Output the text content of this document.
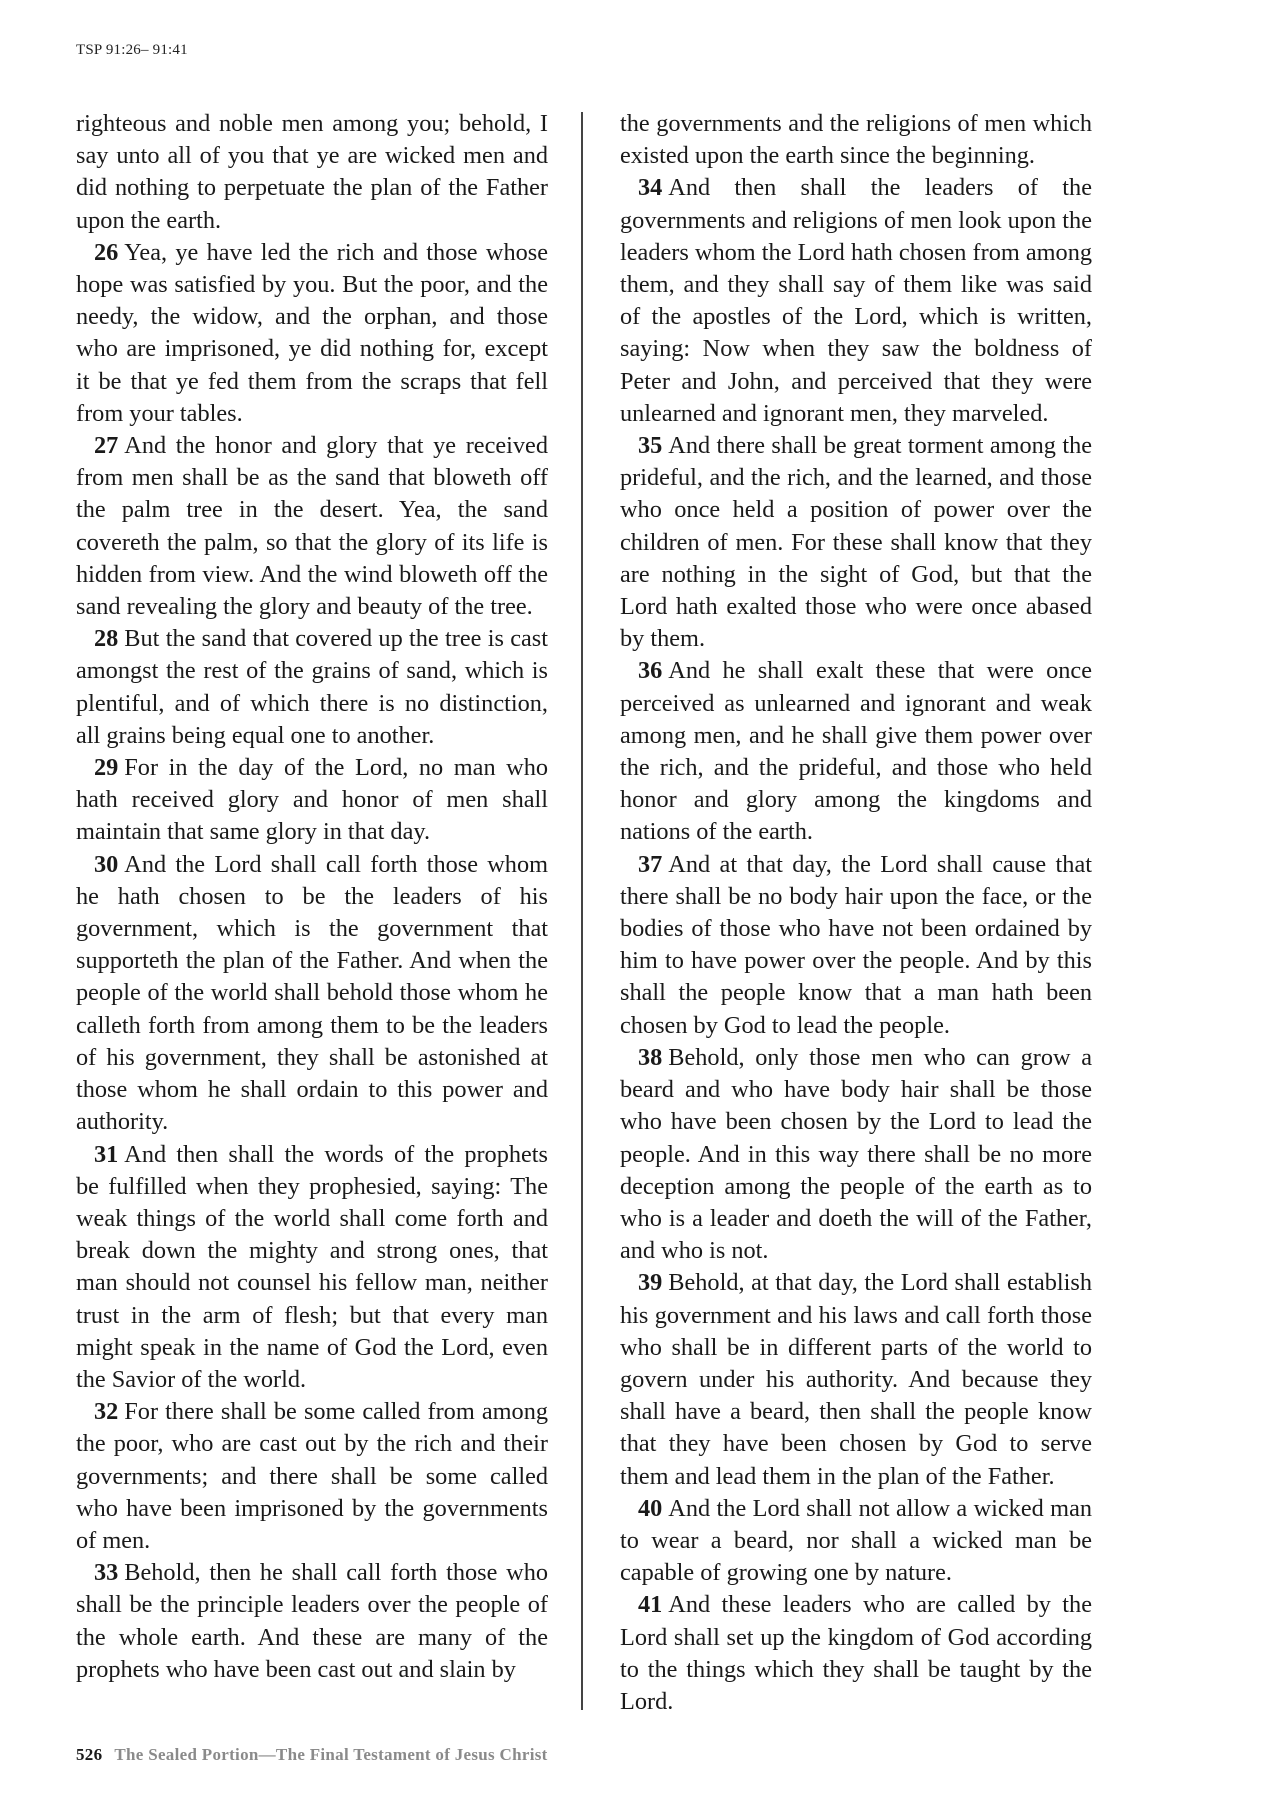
TSP 91:26– 91:41

righteous and noble men among you; behold, I say unto all of you that ye are wicked men and did nothing to perpetuate the plan of the Father upon the earth.

26 Yea, ye have led the rich and those whose hope was satisfied by you. But the poor, and the needy, the widow, and the orphan, and those who are imprisoned, ye did nothing for, except it be that ye fed them from the scraps that fell from your tables.

27 And the honor and glory that ye received from men shall be as the sand that bloweth off the palm tree in the desert. Yea, the sand covereth the palm, so that the glory of its life is hidden from view. And the wind bloweth off the sand revealing the glory and beauty of the tree.

28 But the sand that covered up the tree is cast amongst the rest of the grains of sand, which is plentiful, and of which there is no distinction, all grains being equal one to another.

29 For in the day of the Lord, no man who hath received glory and honor of men shall maintain that same glory in that day.

30 And the Lord shall call forth those whom he hath chosen to be the leaders of his government, which is the government that supporteth the plan of the Father. And when the people of the world shall behold those whom he calleth forth from among them to be the leaders of his government, they shall be astonished at those whom he shall ordain to this power and authority.

31 And then shall the words of the prophets be fulfilled when they prophesied, saying: The weak things of the world shall come forth and break down the mighty and strong ones, that man should not counsel his fellow man, neither trust in the arm of flesh; but that every man might speak in the name of God the Lord, even the Savior of the world.

32 For there shall be some called from among the poor, who are cast out by the rich and their governments; and there shall be some called who have been imprisoned by the governments of men.

33 Behold, then he shall call forth those who shall be the principle leaders over the people of the whole earth. And these are many of the prophets who have been cast out and slain by

the governments and the religions of men which existed upon the earth since the beginning.

34 And then shall the leaders of the governments and religions of men look upon the leaders whom the Lord hath chosen from among them, and they shall say of them like was said of the apostles of the Lord, which is written, saying: Now when they saw the boldness of Peter and John, and perceived that they were unlearned and ignorant men, they marveled.

35 And there shall be great torment among the prideful, and the rich, and the learned, and those who once held a position of power over the children of men. For these shall know that they are nothing in the sight of God, but that the Lord hath exalted those who were once abased by them.

36 And he shall exalt these that were once perceived as unlearned and ignorant and weak among men, and he shall give them power over the rich, and the prideful, and those who held honor and glory among the kingdoms and nations of the earth.

37 And at that day, the Lord shall cause that there shall be no body hair upon the face, or the bodies of those who have not been ordained by him to have power over the people. And by this shall the people know that a man hath been chosen by God to lead the people.

38 Behold, only those men who can grow a beard and who have body hair shall be those who have been chosen by the Lord to lead the people. And in this way there shall be no more deception among the people of the earth as to who is a leader and doeth the will of the Father, and who is not.

39 Behold, at that day, the Lord shall establish his government and his laws and call forth those who shall be in different parts of the world to govern under his authority. And because they shall have a beard, then shall the people know that they have been chosen by God to serve them and lead them in the plan of the Father.

40 And the Lord shall not allow a wicked man to wear a beard, nor shall a wicked man be capable of growing one by nature.

41 And these leaders who are called by the Lord shall set up the kingdom of God according to the things which they shall be taught by the Lord.

526 The Sealed Portion—The Final Testament of Jesus Christ
